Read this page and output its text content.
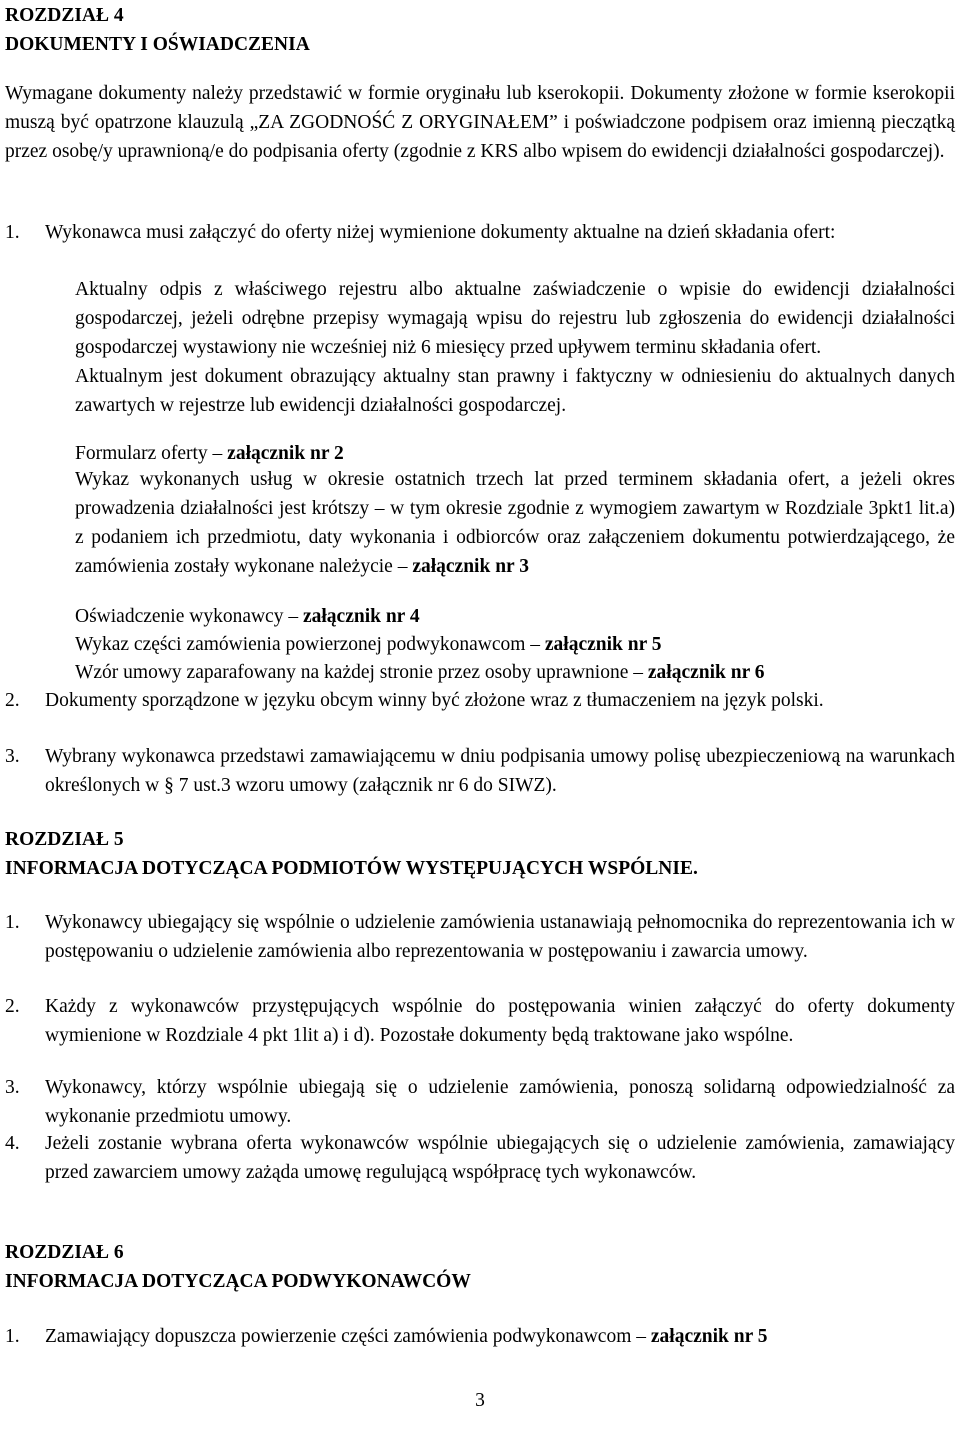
ROZDZIAŁ 4

DOKUMENTY I OŚWIADCZENIA

Wymagane dokumenty należy przedstawić w formie oryginału lub kserokopii. Dokumenty złożone w formie kserokopii muszą być opatrzone klauzulą „ZA ZGODNOŚĆ Z ORYGINAŁEM” i poświadczone podpisem oraz imienną pieczątką przez osobę/y uprawnioną/e do podpisania oferty (zgodnie z KRS albo wpisem do ewidencji działalności gospodarczej).
1. Wykonawca musi załączyć do oferty niżej wymienione dokumenty aktualne na dzień składania ofert:
Aktualny odpis z właściwego rejestru albo aktualne zaświadczenie o wpisie do ewidencji działalności gospodarczej, jeżeli odrębne przepisy wymagają wpisu do rejestru lub zgłoszenia do ewidencji działalności gospodarczej wystawiony nie wcześniej niż 6 miesięcy przed upływem terminu składania ofert.
Aktualnym jest dokument obrazujący aktualny stan prawny i faktyczny w odniesieniu do aktualnych danych zawartych w rejestrze lub ewidencji działalności gospodarczej.
Formularz oferty – załącznik nr 2
Wykaz wykonanych usług w okresie ostatnich trzech lat przed terminem składania ofert, a jeżeli okres prowadzenia działalności jest krótszy – w tym okresie zgodnie z wymogiem zawartym w Rozdziale 3pkt1 lit.a) z podaniem ich przedmiotu, daty wykonania i odbiorców oraz załączeniem dokumentu potwierdzającego, że zamówienia zostały wykonane należycie – załącznik nr 3
Oświadczenie wykonawcy – załącznik nr 4
Wykaz części zamówienia powierzonej podwykonawcom – załącznik nr 5
Wzór umowy zaparafowany na każdej stronie przez osoby uprawnione – załącznik nr 6
2. Dokumenty sporządzone w języku obcym winny być złożone wraz z tłumaczeniem na język polski.
3. Wybrany wykonawca przedstawi zamawiającemu w dniu podpisania umowy polisę ubezpieczeniową na warunkach określonych w § 7 ust.3 wzoru umowy (załącznik nr 6 do SIWZ).

ROZDZIAŁ 5

INFORMACJA DOTYCZĄCA PODMIOTÓW WYSTĘPUJĄCYCH WSPÓLNIE.

1. Wykonawcy ubiegający się wspólnie o udzielenie zamówienia ustanawiają pełnomocnika do reprezentowania ich w postępowaniu o udzielenie zamówienia albo reprezentowania w postępowaniu i zawarcia umowy.
2. Każdy z wykonawców przystępujących wspólnie do postępowania winien załączyć do oferty dokumenty wymienione w Rozdziale 4 pkt 1lit a) i d). Pozostałe dokumenty będą traktowane jako wspólne.
3. Wykonawcy, którzy wspólnie ubiegają się o udzielenie zamówienia, ponoszą solidarną odpowiedzialność za wykonanie przedmiotu umowy.
4. Jeżeli zostanie wybrana oferta wykonawców wspólnie ubiegających się o udzielenie zamówienia, zamawiający przed zawarciem umowy zażąda umowę regulującą współpracę tych wykonawców.

ROZDZIAŁ 6

INFORMACJA DOTYCZĄCA PODWYKONAWCÓW

1. Zamawiający dopuszcza powierzenie części zamówienia podwykonawcom – załącznik nr 5
3
